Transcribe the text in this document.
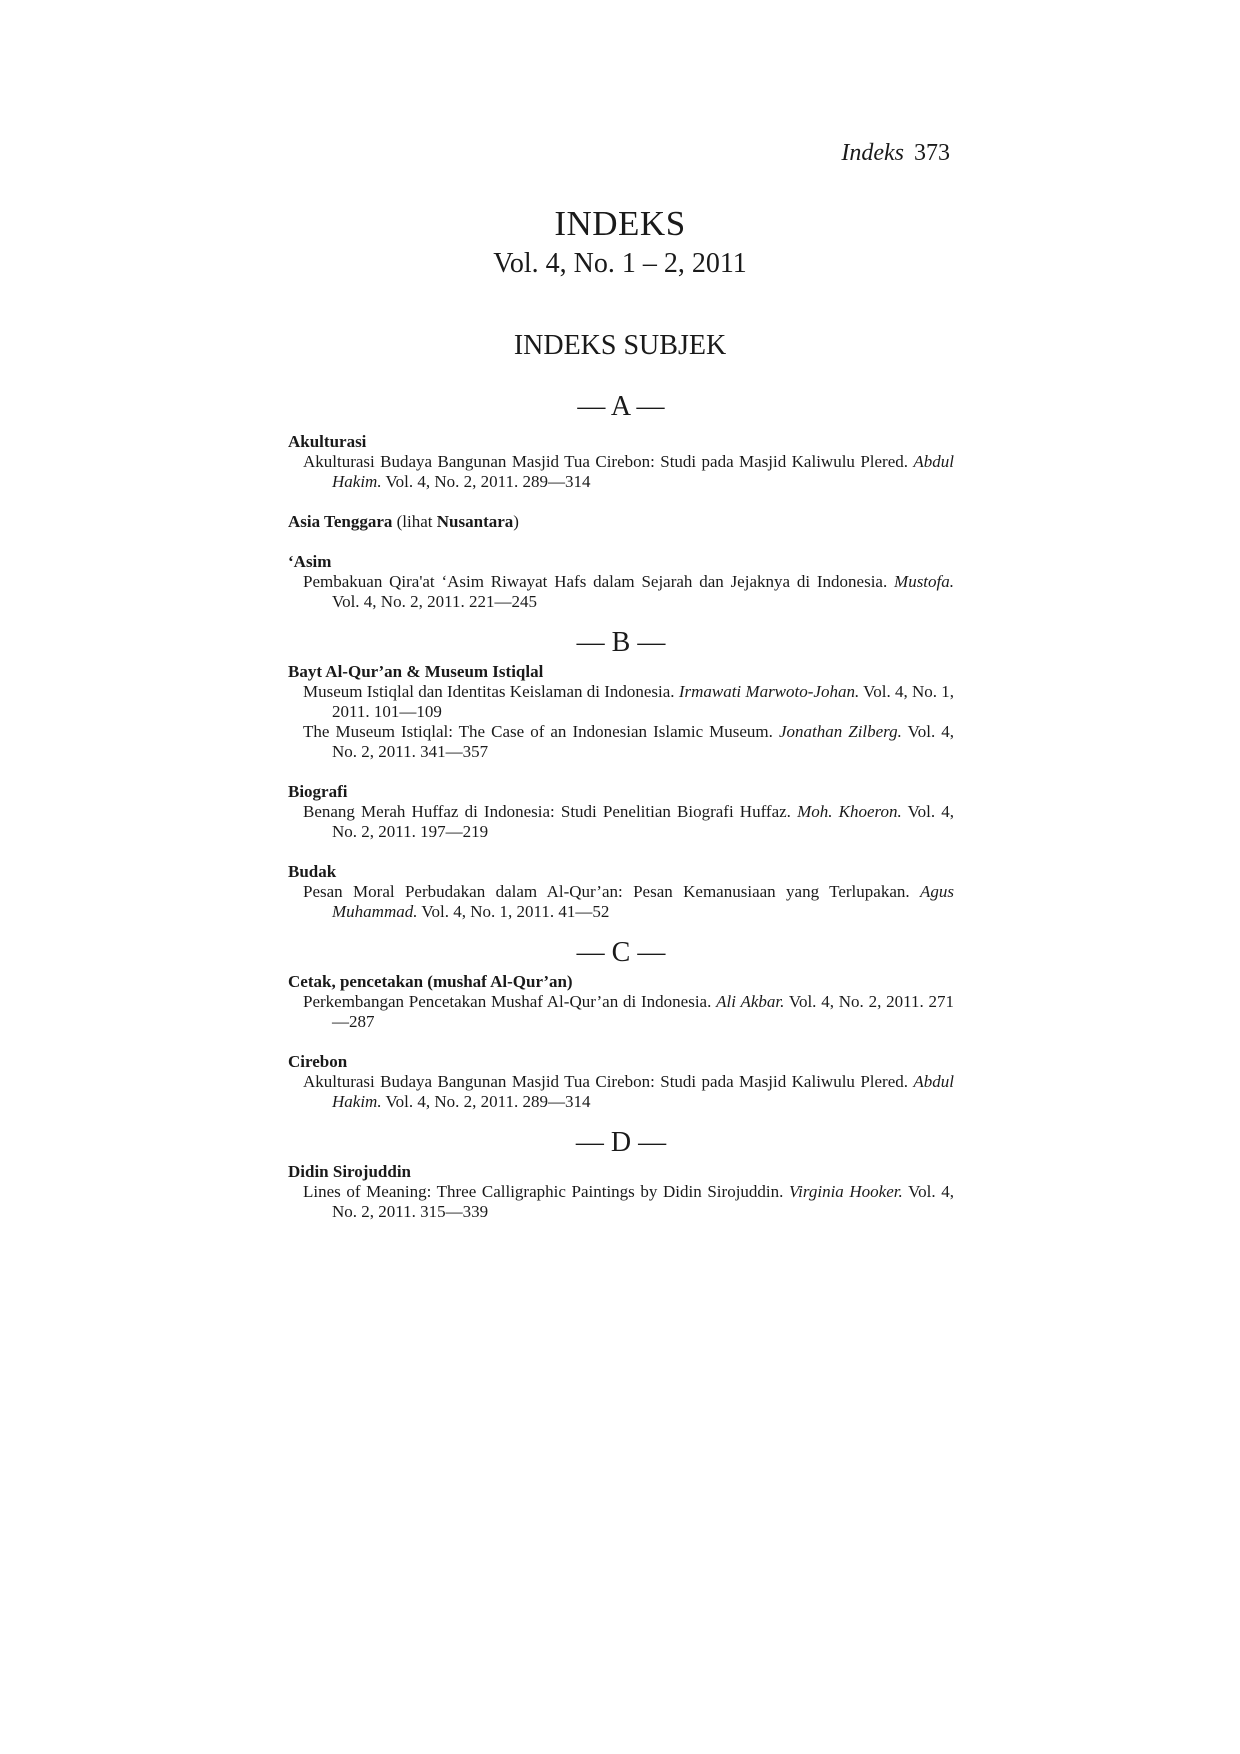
Indeks 373
INDEKS
Vol. 4, No. 1 – 2, 2011
INDEKS SUBJEK
— A —
Akulturasi
Akulturasi Budaya Bangunan Masjid Tua Cirebon: Studi pada Masjid Kaliwulu Plered. Abdul Hakim. Vol. 4, No. 2, 2011. 289—314
Asia Tenggara (lihat Nusantara)
‘Asim
Pembakuan Qira'at ‘Asim Riwayat Hafs dalam Sejarah dan Jejaknya di Indonesia. Mustofa. Vol. 4, No. 2, 2011. 221—245
— B —
Bayt Al-Qur’an & Museum Istiqlal
Museum Istiqlal dan Identitas Keislaman di Indonesia. Irmawati Marwoto-Johan. Vol. 4, No. 1, 2011. 101—109
The Museum Istiqlal: The Case of an Indonesian Islamic Museum. Jonathan Zilberg. Vol. 4, No. 2, 2011. 341—357
Biografi
Benang Merah Huffaz di Indonesia: Studi Penelitian Biografi Huffaz. Moh. Khoeron. Vol. 4, No. 2, 2011. 197—219
Budak
Pesan Moral Perbudakan dalam Al-Qur’an: Pesan Kemanusiaan yang Terlupakan. Agus Muhammad. Vol. 4, No. 1, 2011. 41—52
— C —
Cetak, pencetakan (mushaf Al-Qur’an)
Perkembangan Pencetakan Mushaf Al-Qur’an di Indonesia. Ali Akbar. Vol. 4, No. 2, 2011. 271—287
Cirebon
Akulturasi Budaya Bangunan Masjid Tua Cirebon: Studi pada Masjid Kaliwulu Plered. Abdul Hakim. Vol. 4, No. 2, 2011. 289—314
— D —
Didin Sirojuddin
Lines of Meaning: Three Calligraphic Paintings by Didin Sirojuddin. Virginia Hooker. Vol. 4, No. 2, 2011. 315—339
